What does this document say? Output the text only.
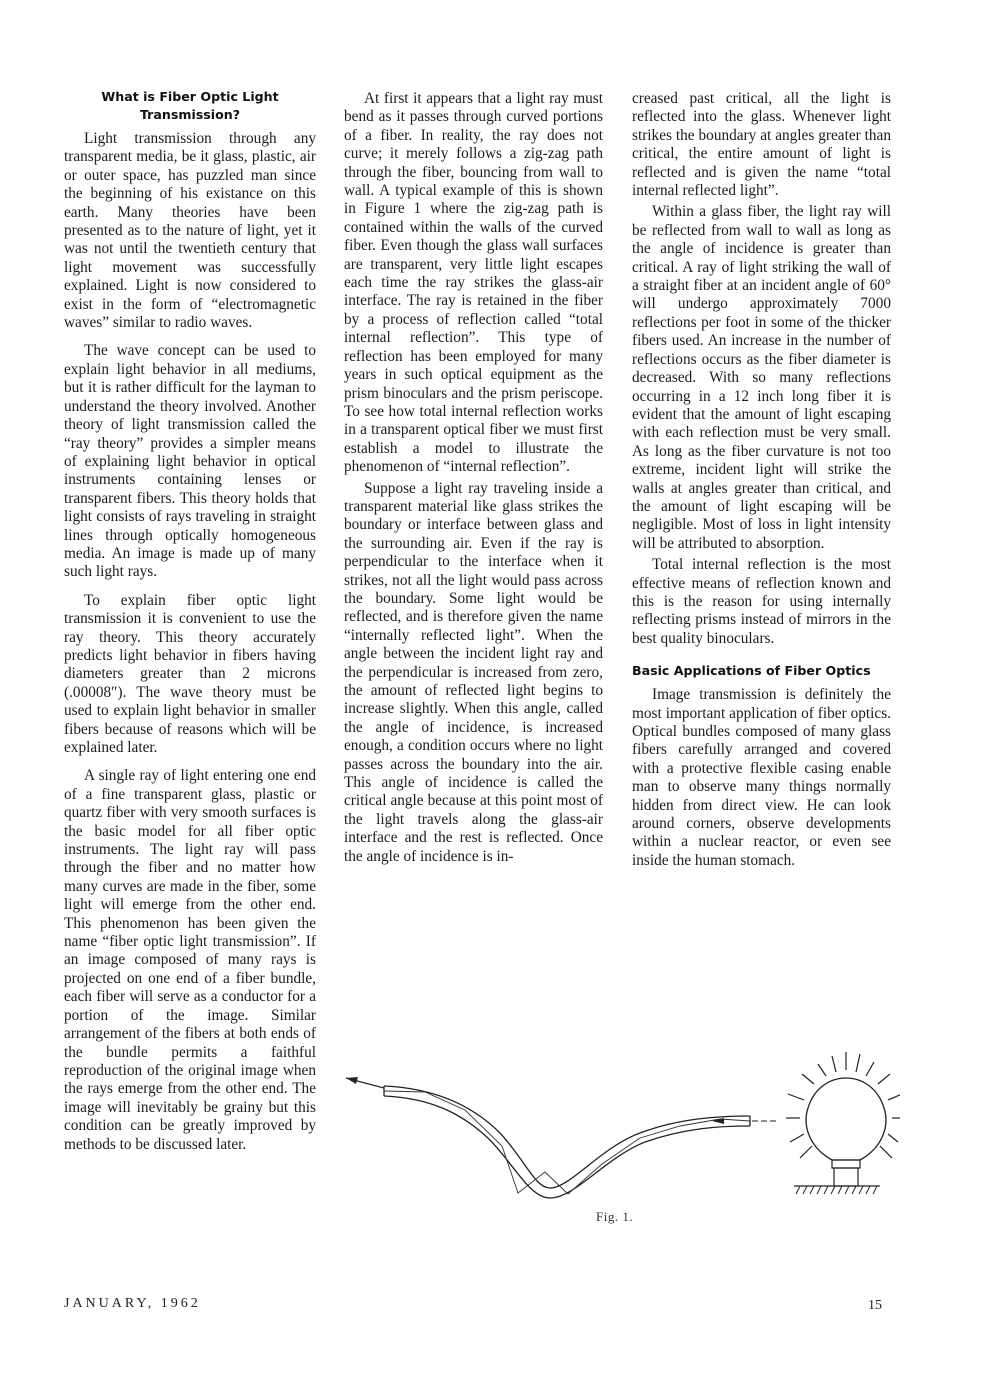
What is Fiber Optic Light Transmission?

Light transmission through any transparent media, be it glass, plastic, air or outer space, has puzzled man since the beginning of his existance on this earth. Many theories have been presented as to the nature of light, yet it was not until the twentieth century that light movement was successfully explained. Light is now considered to exist in the form of “electromagnetic waves” similar to radio waves.

The wave concept can be used to explain light behavior in all mediums, but it is rather difficult for the layman to understand the theory involved. Another theory of light transmission called the “ray theory” provides a simpler means of explaining light behavior in optical instruments containing lenses or transparent fibers. This theory holds that light consists of rays traveling in straight lines through optically homogeneous media. An image is made up of many such light rays.

To explain fiber optic light transmission it is convenient to use the ray theory. This theory accurately predicts light behavior in fibers having diameters greater than 2 microns (.00008″). The wave theory must be used to explain light behavior in smaller fibers because of reasons which will be explained later.

A single ray of light entering one end of a fine transparent glass, plastic or quartz fiber with very smooth surfaces is the basic model for all fiber optic instruments. The light ray will pass through the fiber and no matter how many curves are made in the fiber, some light will emerge from the other end. This phenomenon has been given the name “fiber optic light transmission”. If an image composed of many rays is projected on one end of a fiber bundle, each fiber will serve as a conductor for a portion of the image. Similar arrangement of the fibers at both ends of the bundle permits a faithful reproduction of the original image when the rays emerge from the other end. The image will inevitably be grainy but this condition can be greatly improved by methods to be discussed later.

At first it appears that a light ray must bend as it passes through curved portions of a fiber. In reality, the ray does not curve; it merely follows a zig-zag path through the fiber, bouncing from wall to wall. A typical example of this is shown in Figure 1 where the zig-zag path is contained within the walls of the curved fiber. Even though the glass wall surfaces are transparent, very little light escapes each time the ray strikes the glass-air interface. The ray is retained in the fiber by a process of reflection called “total internal reflection”. This type of reflection has been employed for many years in such optical equipment as the prism binoculars and the prism periscope. To see how total internal reflection works in a transparent optical fiber we must first establish a model to illustrate the phenomenon of “internal reflection”.

Suppose a light ray traveling inside a transparent material like glass strikes the boundary or interface between glass and the surrounding air. Even if the ray is perpendicular to the interface when it strikes, not all the light would pass across the boundary. Some light would be reflected, and is therefore given the name “internally reflected light”. When the angle between the incident light ray and the perpendicular is increased from zero, the amount of reflected light begins to increase slightly. When this angle, called the angle of incidence, is increased enough, a condition occurs where no light passes across the boundary into the air. This angle of incidence is called the critical angle because at this point most of the light travels along the glass-air interface and the rest is reflected. Once the angle of incidence is in-

creased past critical, all the light is reflected into the glass. Whenever light strikes the boundary at angles greater than critical, the entire amount of light is reflected and is given the name “total internal reflected light”.

Within a glass fiber, the light ray will be reflected from wall to wall as long as the angle of incidence is greater than critical. A ray of light striking the wall of a straight fiber at an incident angle of 60° will undergo approximately 7000 reflections per foot in some of the thicker fibers used. An increase in the number of reflections occurs as the fiber diameter is decreased. With so many reflections occurring in a 12 inch long fiber it is evident that the amount of light escaping with each reflection must be very small. As long as the fiber curvature is not too extreme, incident light will strike the walls at angles greater than critical, and the amount of light escaping will be negligible. Most of loss in light intensity will be attributed to absorption.

Total internal reflection is the most effective means of reflection known and this is the reason for using internally reflecting prisms instead of mirrors in the best quality binoculars.

Basic Applications of Fiber Optics

Image transmission is definitely the most important application of fiber optics. Optical bundles composed of many glass fibers carefully arranged and covered with a protective flexible casing enable man to observe many things normally hidden from direct view. He can look around corners, observe developments within a nuclear reactor, or even see inside the human stomach.

Fig. 1.
JANUARY, 1962	15
